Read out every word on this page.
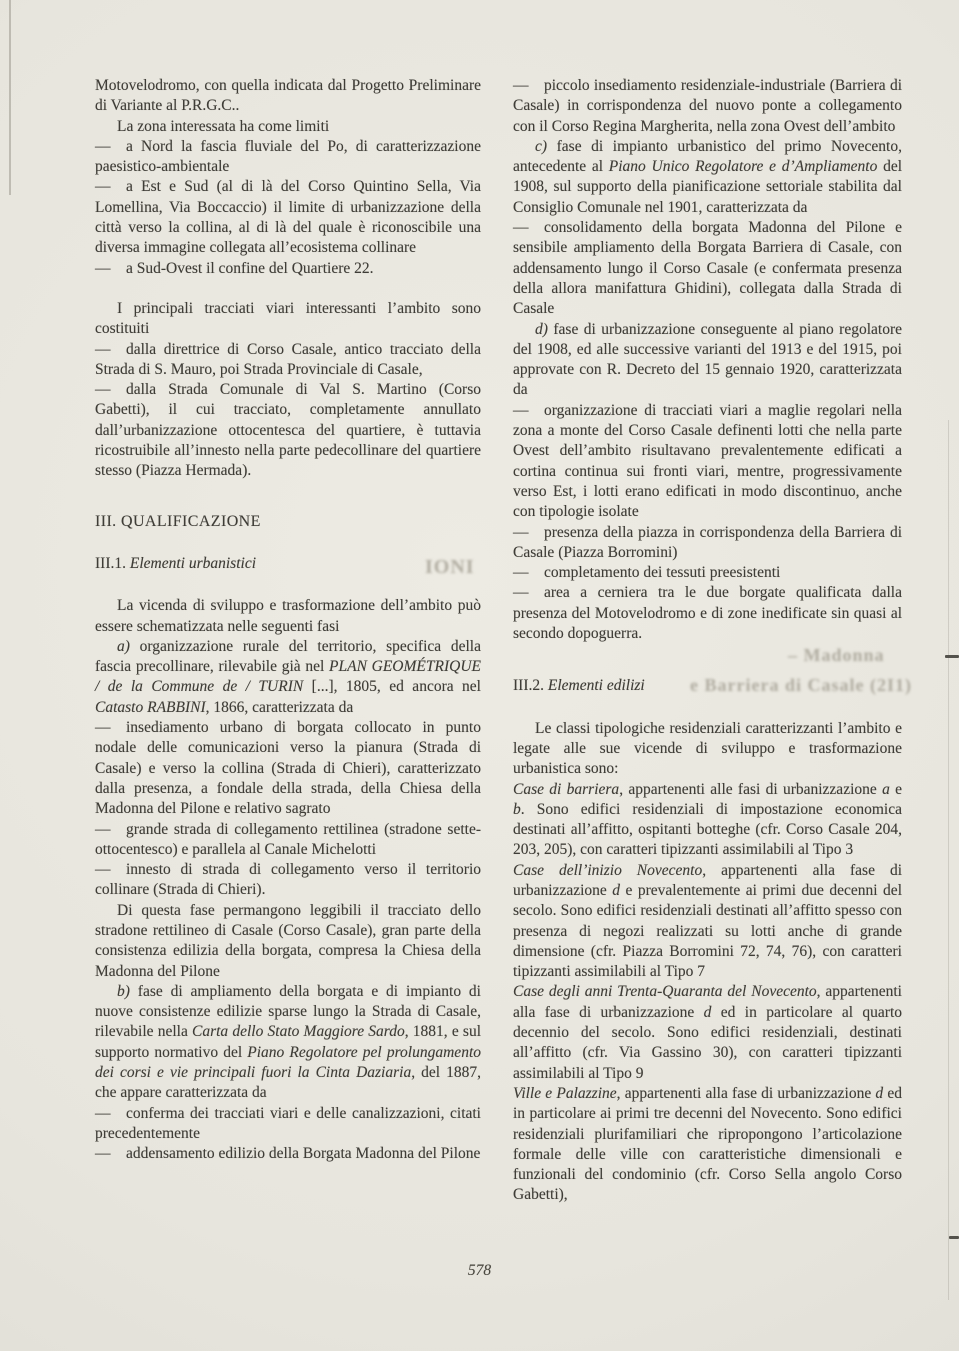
Motovelodromo, con quella indicata dal Progetto Preliminare di Variante al P.R.G.C..

La zona interessata ha come limiti

— a Nord la fascia fluviale del Po, di caratterizzazione paesistico-ambientale

— a Est e Sud (al di là del Corso Quintino Sella, Via Lomellina, Via Boccaccio) il limite di urbanizzazione della città verso la collina, al di là del quale è riconoscibile una diversa immagine collegata all’ecosistema collinare

— a Sud-Ovest il confine del Quartiere 22.

I principali tracciati viari interessanti l’ambito sono costituiti

— dalla direttrice di Corso Casale, antico tracciato della Strada di S. Mauro, poi Strada Provinciale di Casale,

— dalla Strada Comunale di Val S. Martino (Corso Gabetti), il cui tracciato, completamente annullato dall’urbanizzazione ottocentesca del quartiere, è tuttavia ricostruibile all’innesto nella parte pedecollinare del quartiere stesso (Piazza Hermada).

III. QUALIFICAZIONE

III.1. Elementi urbanistici

La vicenda di sviluppo e trasformazione dell’ambito può essere schematizzata nelle seguenti fasi

a) organizzazione rurale del territorio, specifica della fascia precollinare, rilevabile già nel PLAN GEOMÉTRIQUE / de la Commune de / TURIN [...], 1805, ed ancora nel Catasto RABBINI, 1866, caratterizzata da

— insediamento urbano di borgata collocato in punto nodale delle comunicazioni verso la pianura (Strada di Casale) e verso la collina (Strada di Chieri), caratterizzato dalla presenza, a fondale della strada, della Chiesa della Madonna del Pilone e relativo sagrato

— grande strada di collegamento rettilinea (stradone sette-ottocentesco) e parallela al Canale Michelotti

— innesto di strada di collegamento verso il territorio collinare (Strada di Chieri).

Di questa fase permangono leggibili il tracciato dello stradone rettilineo di Casale (Corso Casale), gran parte della consistenza edilizia della borgata, compresa la Chiesa della Madonna del Pilone

b) fase di ampliamento della borgata e di impianto di nuove consistenze edilizie sparse lungo la Strada di Casale, rilevabile nella Carta dello Stato Maggiore Sardo, 1881, e sul supporto normativo del Piano Regolatore pel prolungamento dei corsi e vie principali fuori la Cinta Daziaria, del 1887, che appare caratterizzata da

— conferma dei tracciati viari e delle canalizzazioni, citati precedentemente

— addensamento edilizio della Borgata Madonna del Pilone

— piccolo insediamento residenziale-industriale (Barriera di Casale) in corrispondenza del nuovo ponte a collegamento con il Corso Regina Margherita, nella zona Ovest dell’ambito

c) fase di impianto urbanistico del primo Novecento, antecedente al Piano Unico Regolatore e d’Ampliamento del 1908, sul supporto della pianificazione settoriale stabilita dal Consiglio Comunale nel 1901, caratterizzata da

— consolidamento della borgata Madonna del Pilone e sensibile ampliamento della Borgata Barriera di Casale, con addensamento lungo il Corso Casale (e confermata presenza della allora manifattura Ghidini), collegata dalla Strada di Casale

d) fase di urbanizzazione conseguente al piano regolatore del 1908, ed alle successive varianti del 1913 e del 1915, poi approvate con R. Decreto del 15 gennaio 1920, caratterizzata da

— organizzazione di tracciati viari a maglie regolari nella zona a monte del Corso Casale definenti lotti che nella parte Ovest dell’ambito risultavano prevalentemente edificati a cortina continua sui fronti viari, mentre, progressivamente verso Est, i lotti erano edificati in modo discontinuo, anche con tipologie isolate

— presenza della piazza in corrispondenza della Barriera di Casale (Piazza Borromini)

— completamento dei tessuti preesistenti

— area a cerniera tra le due borgate qualificata dalla presenza del Motovelodromo e di zone inedificate sin quasi al secondo dopoguerra.

III.2. Elementi edilizi

Le classi tipologiche residenziali caratterizzanti l’ambito e legate alle sue vicende di sviluppo e trasformazione urbanistica sono:

Case di barriera, appartenenti alle fasi di urbanizzazione a e b. Sono edifici residenziali di impostazione economica destinati all’affitto, ospitanti botteghe (cfr. Corso Casale 204, 203, 205), con caratteri tipizzanti assimilabili al Tipo 3

Case dell’inizio Novecento, appartenenti alla fase di urbanizzazione d e prevalentemente ai primi due decenni del secolo. Sono edifici residenziali destinati all’affitto spesso con presenza di negozi realizzati su lotti anche di grande dimensione (cfr. Piazza Borromini 72, 74, 76), con caratteri tipizzanti assimilabili al Tipo 7

Case degli anni Trenta-Quaranta del Novecento, appartenenti alla fase di urbanizzazione d ed in particolare al quarto decennio del secolo. Sono edifici residenziali, destinati all’affitto (cfr. Via Gassino 30), con caratteri tipizzanti assimilabili al Tipo 9

Ville e Palazzine, appartenenti alla fase di urbanizzazione d ed in particolare ai primi tre decenni del Novecento. Sono edifici residenziali plurifamiliari che ripropongono l’articolazione formale delle ville con caratteristiche dimensionali e funzionali del condominio (cfr. Corso Sella angolo Corso Gabetti),

IONI
– Madonna
e Barriera di Casale (2I1)
578
